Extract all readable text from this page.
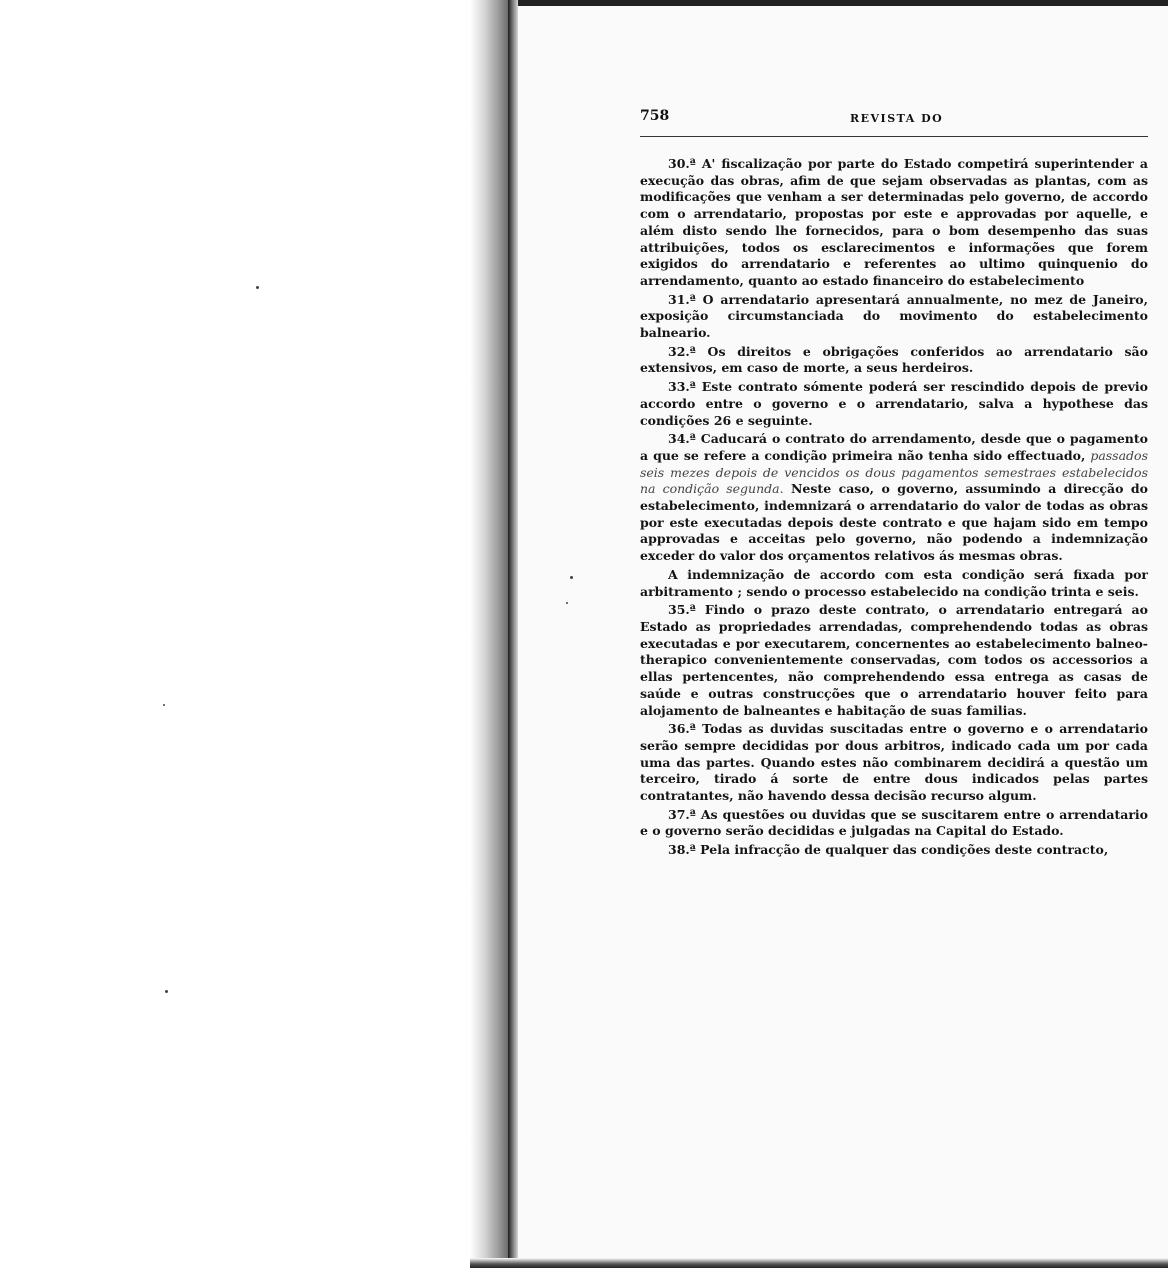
758	REVISTA DO

30.ª A' fiscalização por parte do Estado competirá superintender a execução das obras, afim de que sejam observadas as plantas, com as modificações que venham a ser determinadas pelo governo, de accordo com o arrendatario, propostas por este e approvadas por aquelle, e além disto sendo lhe fornecidos, para o bom desempenho das suas attribuições, todos os esclarecimentos e informações que forem exigidos do arrendatario e referentes ao ultimo quinquenio do arrendamento, quanto ao estado financeiro do estabelecimento

31.ª O arrendatario apresentará annualmente, no mez de Janeiro, exposição circumstanciada do movimento do estabelecimento balneario.

32.ª Os direitos e obrigações conferidos ao arrendatario são extensivos, em caso de morte, a seus herdeiros.

33.ª Este contrato sómente poderá ser rescindido depois de previo accordo entre o governo e o arrendatario, salva a hypothese das condições 26 e seguinte.

34.ª Caducará o contrato do arrendamento, desde que o pagamento a que se refere a condição primeira não tenha sido effectuado, passados seis mezes depois de vencidos os dous pagamentos semestraes estabelecidos na condição segunda. Neste caso, o governo, assumindo a direcção do estabelecimento, indemnizará o arrendatario do valor de todas as obras por este executadas depois deste contrato e que hajam sido em tempo approvadas e acceitas pelo governo, não podendo a indemnização exceder do valor dos orçamentos relativos ás mesmas obras.

A indemnização de accordo com esta condição será fixada por arbitramento ; sendo o processo estabelecido na condição trinta e seis.

35.ª Findo o prazo deste contrato, o arrendatario entregará ao Estado as propriedades arrendadas, comprehendendo todas as obras executadas e por executarem, concernentes ao estabelecimento balneo-therapico convenientemente conservadas, com todos os accessorios a ellas pertencentes, não comprehendendo essa entrega as casas de saúde e outras construcções que o arrendatario houver feito para alojamento de balneantes e habitação de suas familias.

36.ª Todas as duvidas suscitadas entre o governo e o arrendatario serão sempre decididas por dous arbitros, indicado cada um por cada uma das partes. Quando estes não combinarem decidirá a questão um terceiro, tirado á sorte de entre dous indicados pelas partes contratantes, não havendo dessa decisão recurso algum.

37.ª As questões ou duvidas que se suscitarem entre o arrendatario e o governo serão decididas e julgadas na Capital do Estado.

38.ª Pela infracção de qualquer das condições deste contracto,
